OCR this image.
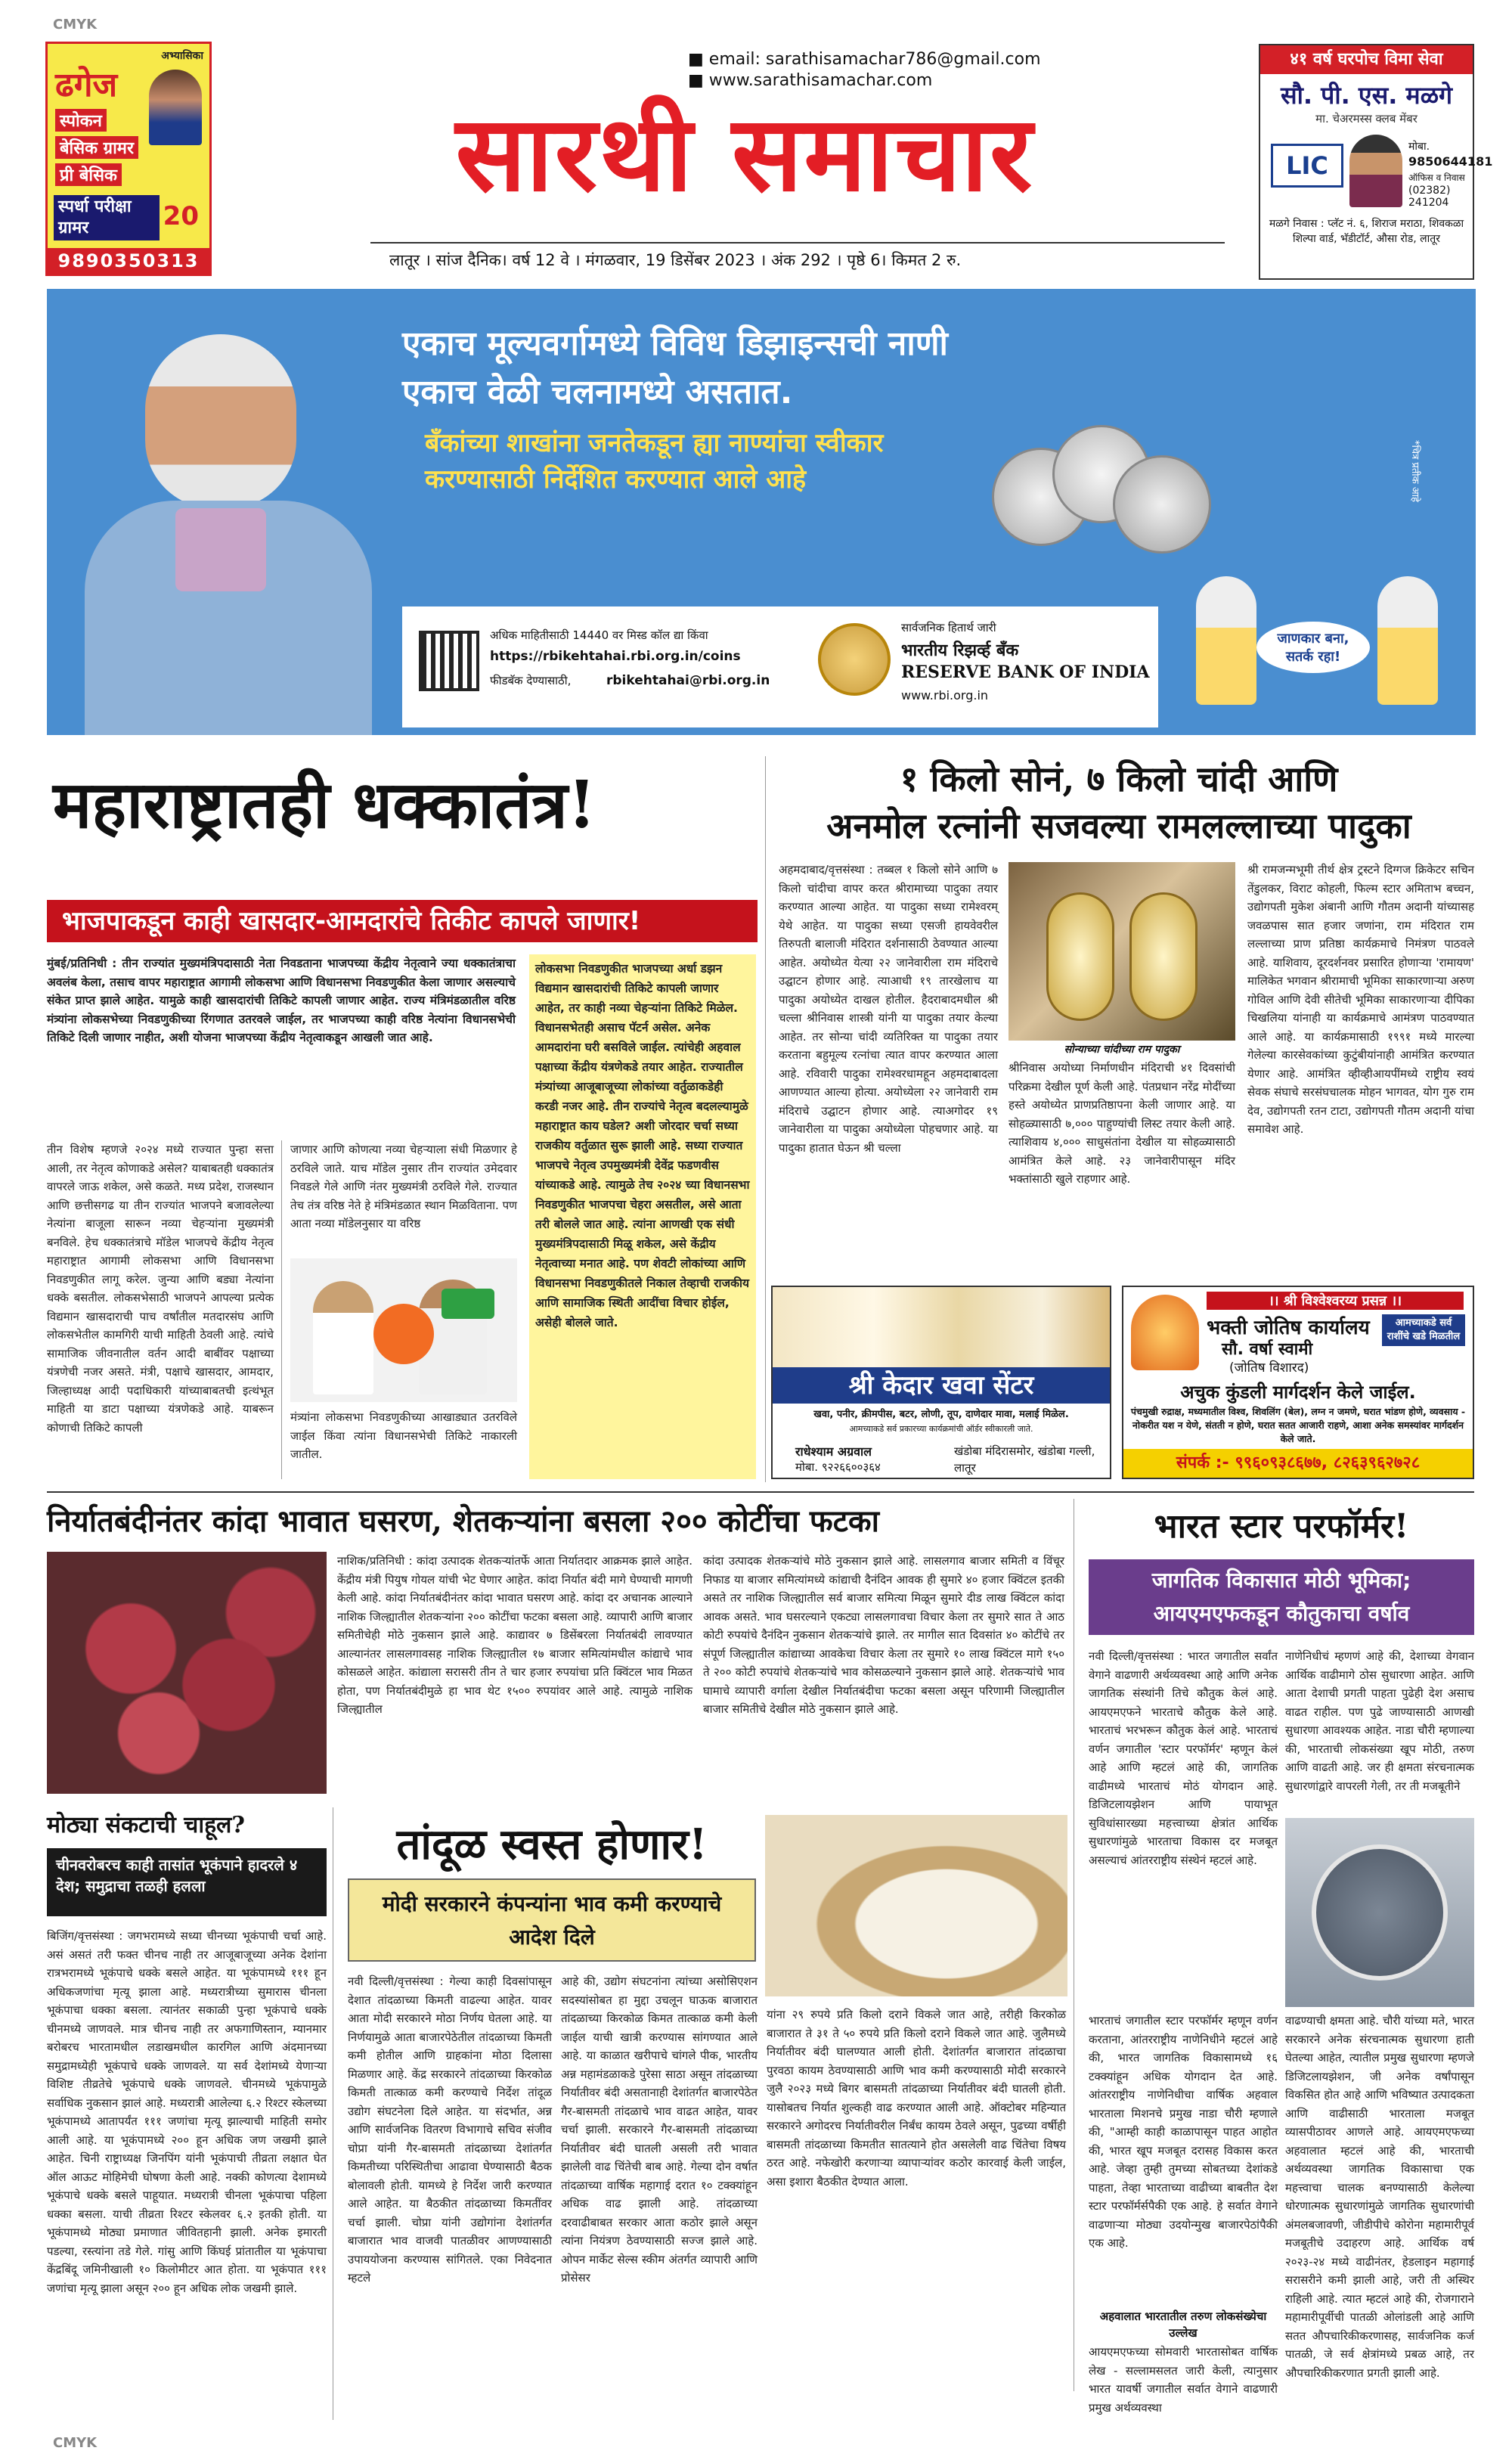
CMYK
CMYK
अभ्यासिका
ढगेज
स्पोकन
बेसिक ग्रामर
प्री बेसिक
स्पर्धा परीक्षा ग्रामर	20
9890350313
■ email: sarathisamachar786@gmail.com
■ www.sarathisamachar.com
सारथी समाचार
लातूर । सांज दैनिक। वर्ष 12 वे । मंगळवार, 19 डिसेंबर 2023 । अंक 292 । पृष्ठे 6। किमत 2 रु.
४१ वर्ष घरपोच विमा सेवा
सौ. पी. एस. मळगे
मा. चेअरमस्स क्लब मेंबर
LIC
मोबा.
9850644181
ऑफिस व निवास
(02382) 241204
मळगे निवास : प्लॅट नं. ६, शिराज मराठा, शिवकळा शिल्पा वार्ड, भॅडीटॉर्ट, औसा रोड, लातूर
एकाच मूल्यवर्गामध्ये विविध डिझाइन्सची नाणी
एकाच वेळी चलनामध्ये असतात.
बँकांच्या शाखांना जनतेकडून ह्या नाण्यांचा स्वीकार करण्यासाठी निर्देशित करण्यात आले आहे
अधिक माहितीसाठी 14440 वर मिस्ड कॉल द्या किंवा
https://rbikehtahai.rbi.org.in/coins
फीडबॅक देण्यासाठी,	rbikehtahai@rbi.org.in
सार्वजनिक हितार्थ जारी
भारतीय रिझर्व्ह बँक
RESERVE BANK OF INDIA
www.rbi.org.in
जाणकार बना, सतर्क रहा!
*चित्र प्रतीक आहे
महाराष्ट्रातही धक्कातंत्र!
भाजपाकडून काही खासदार-आमदारांचे तिकीट कापले जाणार!
मुंबई/प्रतिनिधी : तीन राज्यांत मुख्यमंत्रिपदासाठी नेता निवडताना भाजपच्या केंद्रीय नेतृत्वाने ज्या धक्कातंत्राचा अवलंब केला, तसाच वापर महाराष्ट्रात आगामी लोकसभा आणि विधानसभा निवडणुकीत केला जाणार असल्याचे संकेत प्राप्त झाले आहेत. यामुळे काही खासदारांची तिकिटे कापली जाणार आहेत. राज्य मंत्रिमंडळातील वरिष्ठ मंत्र्यांना लोकसभेच्या निवडणुकीच्या रिंगणात उतरवले जाईल, तर भाजपच्या काही वरिष्ठ नेत्यांना विधानसभेची तिकिटे दिली जाणार नाहीत, अशी योजना भाजपच्या केंद्रीय नेतृत्वाकडून आखली जात आहे.
तीन विशेष म्हणजे २०२४ मध्ये राज्यात पुन्हा सत्ता आली, तर नेतृत्व कोणाकडे असेल? याबाबतही धक्कातंत्र वापरले जाऊ शकेल, असे कळते. मध्य प्रदेश, राजस्थान आणि छत्तीसगढ या तीन राज्यांत भाजपने बजावलेल्या नेत्यांना बाजूला सारून नव्या चेहऱ्यांना मुख्यमंत्री बनविले. हेच धक्कातंत्राचे मॉडेल भाजपचे केंद्रीय नेतृत्व महाराष्ट्रात आगामी लोकसभा आणि विधानसभा निवडणुकीत लागू करेल. जुन्या आणि बड्या नेत्यांना धक्के बसतील. लोकसभेसाठी भाजपने आपल्या प्रत्येक विद्यमान खासदाराची पाच वर्षांतील मतदारसंघ आणि लोकसभेतील कामगिरी याची माहिती ठेवली आहे. त्यांचे सामाजिक जीवनातील वर्तन आदी बाबींवर पक्षाच्या यंत्रणेची नजर असते. मंत्री, पक्षाचे खासदार, आमदार, जिल्हाध्यक्ष आदी पदाधिकारी यांच्याबाबतची इत्थंभूत माहिती या डाटा पक्षाच्या यंत्रणेकडे आहे. याबरून कोणाची तिकिटे कापली
जाणार आणि कोणत्या नव्या चेहऱ्याला संधी मिळणार हे ठरविले जाते. याच मॉडेल नुसार तीन राज्यांत उमेदवार निवडले गेले आणि नंतर मुख्यमंत्री ठरविले गेले. राज्यात तेच तंत्र वरिष्ठ नेते हे मंत्रिमंडळात स्थान मिळविताना. पण आता नव्या मॉडेलनुसार या वरिष्ठ
मंत्र्यांना लोकसभा निवडणुकीच्या आखाड्यात उतरविले जाईल किंवा त्यांना विधानसभेची तिकिटे नाकारली जातील.
लोकसभा निवडणुकीत भाजपच्या अर्धा डझन विद्यमान खासदारांची तिकिटे कापली जाणार आहेत, तर काही नव्या चेहऱ्यांना तिकिटे मिळेल. विधानसभेतही असाच पॅटर्न असेल. अनेक आमदारांना घरी बसविले जाईल. त्यांचेही अहवाल पक्षाच्या केंद्रीय यंत्रणेकडे तयार आहेत. राज्यातील मंत्र्यांच्या आजूबाजूच्या लोकांच्या वर्तुळाकडेही करडी नजर आहे. तीन राज्यांचे नेतृत्व बदलल्यामुळे महाराष्ट्रात काय घडेल? अशी जोरदार चर्चा सध्या राजकीय वर्तुळात सुरू झाली आहे. सध्या राज्यात भाजपचे नेतृत्व उपमुख्यमंत्री देवेंद्र फडणवीस यांच्याकडे आहे. त्यामुळे तेच २०२४ च्या विधानसभा निवडणुकीत भाजपचा चेहरा असतील, असे आता तरी बोलले जात आहे. त्यांना आणखी एक संधी मुख्यमंत्रिपदासाठी मिळू शकेल, असे केंद्रीय नेतृत्वाच्या मनात आहे. पण शेवटी लोकांच्या आणि विधानसभा निवडणुकीतले निकाल तेव्हाची राजकीय आणि सामाजिक स्थिती आदींचा विचार होईल, असेही बोलले जाते.
१ किलो सोनं, ७ किलो चांदी आणि
अनमोल रत्नांनी सजवल्या रामलल्लाच्या पादुका
अहमदाबाद/वृत्तसंस्था : तब्बल १ किलो सोने आणि ७ किलो चांदीचा वापर करत श्रीरामाच्या पादुका तयार करण्यात आल्या आहेत. या पादुका सध्या रामेश्वरम् येथे आहेत. या पादुका सध्या एसजी हायवेवरील तिरुपती बालाजी मंदिरात दर्शनासाठी ठेवण्यात आल्या आहेत. अयोध्येत येत्या २२ जानेवारीला राम मंदिराचे उद्घाटन होणार आहे. त्याआधी १९ तारखेलाच या पादुका अयोध्येत दाखल होतील. हैदराबादमधील श्री चल्ला श्रीनिवास शास्त्री यांनी या पादुका तयार केल्या आहेत. तर सोन्या चांदी व्यतिरिक्त या पादुका तयार करताना बहुमूल्य रत्नांचा त्यात वापर करण्यात आला आहे. रविवारी पादुका रामेश्वरधामहून अहमदाबादला आणण्यात आल्या होत्या. अयोध्येला २२ जानेवारी राम मंदिराचे उद्घाटन होणार आहे. त्याअगोदर १९ जानेवारीला या पादुका अयोध्येला पोहचणार आहे. या पादुका हातात घेऊन श्री चल्ला
सोन्याच्या चांदीच्या राम पादुका
श्रीनिवास अयोध्या निर्माणधीन मंदिराची ४१ दिवसांची परिक्रमा देखील पूर्ण केली आहे. पंतप्रधान नरेंद्र मोदींच्या हस्ते अयोध्येत प्राणप्रतिष्ठापना केली जाणार आहे. या सोहळ्यासाठी ७,००० पाहुण्यांची लिस्ट तयार केली आहे. त्याशिवाय ४,००० साधुसंतांना देखील या सोहळ्यासाठी आमंत्रित केले आहे. २३ जानेवारीपासून मंदिर भक्तांसाठी खुले राहणार आहे.
श्री रामजन्मभूमी तीर्थ क्षेत्र ट्रस्टने दिग्गज क्रिकेटर सचिन तेंडुलकर, विराट कोहली, फिल्म स्टार अमिताभ बच्चन, उद्योगपती मुकेश अंबानी आणि गौतम अदानी यांच्यासह जवळपास सात हजार जणांना, राम मंदिरात राम लल्लाच्या प्राण प्रतिष्ठा कार्यक्रमाचे निमंत्रण पाठवले आहे. याशिवाय, दूरदर्शनवर प्रसारित होणाऱ्या 'रामायण' मालिकेत भगवान श्रीरामाची भूमिका साकारणाऱ्या अरुण गोविल आणि देवी सीतेची भूमिका साकारणाऱ्या दीपिका चिखलिया यांनाही या कार्यक्रमाचे आमंत्रण पाठवण्यात आले आहे. या कार्यक्रमासाठी १९९१ मध्ये मारल्या गेलेल्या कारसेवकांच्या कुटुंबीयांनाही आमंत्रित करण्यात येणार आहे. आमंत्रित व्हीव्हीआयपींमध्ये राष्ट्रीय स्वयं सेवक संघाचे सरसंघचालक मोहन भागवत, योग गुरु राम देव, उद्योगपती रतन टाटा, उद्योगपती गौतम अदानी यांचा समावेश आहे.
श्री केदार खवा सेंटर
खवा, पनीर, क्रीमपीस, बटर, लोणी, तूप, दाणेदार मावा, मलाई मिळेल.
आमच्याकडे सर्व प्रकारच्या कार्यक्रमांची ऑर्डर स्वीकारली जाते.
राधेश्याम अग्रवाल
मोबा. ९२२६६००३६४
खंडोबा मंदिरासमोर, खंडोबा गल्ली, लातूर
।। श्री विश्वेश्वरय्य प्रसन्न ।।
भक्ती जोतिष कार्यालय
सौ. वर्षा स्वामी
(जोतिष विशारद)
आमच्याकडे सर्व राशींचे खडे मिळतील
अचुक कुंडली मार्गदर्शन केले जाईल.
पंचमुखी रुद्राक्ष, मध्यमातील विश्व, शिवलिंग (बेल), लग्न न जमणे, घरात भांडण होणे, व्यवसाय - नोकरीत यश न येणे, संतती न होणे, घरात सतत आजारी राहणे, आशा अनेक समस्यांवर मार्गदर्शन केले जाते.
संपर्क :- ९९६०९३८६७७, ८२६३९६२७२८
निर्यातबंदीनंतर कांदा भावात घसरण, शेतकऱ्यांना बसला २०० कोटींचा फटका
नाशिक/प्रतिनिधी : कांदा उत्पादक शेतकऱ्यांतर्फे आता निर्यातदार आक्रमक झाले आहेत. केंद्रीय मंत्री पियुष गोयल यांची भेट घेणार आहेत. कांदा निर्यात बंदी मागे घेण्याची मागणी केली आहे. कांदा निर्यातबंदीनंतर कांदा भावात घसरण आहे. कांदा दर अचानक आल्याने नाशिक जिल्ह्यातील शेतकऱ्यांना २०० कोटींचा फटका बसला आहे. व्यापारी आणि बाजार समितीचेही मोठे नुकसान झाले आहे. काद्यावर ७ डिसेंबरला निर्यातबंदी लावण्यात आल्यानंतर लासलगावसह नाशिक जिल्ह्यातील १७ बाजार समित्यांमधील कांद्याचे भाव कोसळले आहेत. कांद्याला सरासरी तीन ते चार हजार रुपयांचा प्रति क्विंटल भाव मिळत होता, पण निर्यातबंदीमुळे हा भाव थेट १५०० रुपयांवर आले आहे. त्यामुळे नाशिक जिल्ह्यातील
कांदा उत्पादक शेतकऱ्यांचे मोठे नुकसान झाले आहे. लासलगाव बाजार समिती व विंचूर निफाड या बाजार समित्यांमध्ये कांद्याची दैनंदिन आवक ही सुमारे ४० हजार क्विंटल इतकी असते तर नाशिक जिल्ह्यातील सर्व बाजार समित्या मिळून सुमारे दीड लाख क्विंटल कांदा आवक असते. भाव घसरल्याने एकट्या लासलगावचा विचार केला तर सुमारे सात ते आठ कोटी रुपयांचे दैनंदिन नुकसान शेतकऱ्यांचे झाले. तर मागील सात दिवसांत ४० कोटींचे तर संपूर्ण जिल्ह्यातील कांद्याच्या आवकेचा विचार केला तर सुमारे १० लाख क्विंटल मागे १५० ते २०० कोटी रुपयांचे शेतकऱ्यांचे भाव कोसळल्याने नुकसान झाले आहे. शेतकऱ्यांचे भाव घामाचे व्यापारी वर्गाला देखील निर्यातबंदीचा फटका बसला असून परिणामी जिल्ह्यातील बाजार समितीचे देखील मोठे नुकसान झाले आहे.
भारत स्टार परफॉर्मर!
जागतिक विकासात मोठी भूमिका; आयएमएफकडून कौतुकाचा वर्षाव
नवी दिल्ली/वृत्तसंस्था : भारत जगातील सर्वांत वेगाने वाढणारी अर्थव्यवस्था आहे आणि अनेक जागतिक संस्थांनी तिचे कौतुक केलं आहे. आयएमएफने भारताचे कौतुक केले आहे. भारताचं भरभरून कौतुक केलं आहे. भारताचं वर्णन जगातील 'स्टार परफॉर्मर' म्हणून केलं आहे आणि म्हटलं आहे की, जागतिक वाढीमध्ये भारताचं मोठं योगदान आहे. डिजिटलायझेशन आणि पायाभूत सुविधांसारख्या महत्त्वाच्या क्षेत्रांत आर्थिक सुधारणांमुळे भारताचा विकास दर मजबूत असल्याचं आंतरराष्ट्रीय संस्थेनं म्हटलं आहे.
नाणेनिधीचं म्हणणं आहे की, देशाच्या वेगवान आर्थिक वाढीमागे ठोस सुधारणा आहेत. आणि आता देशाची प्रगती पाहता पुढेही देश असाच वाढत राहील. पण पुढे जाण्यासाठी आणखी सुधारणा आवश्यक आहेत. नाडा चौरी म्हणाल्या की, भारताची लोकसंख्या खूप मोठी, तरुण आणि वाढती आहे. जर ही क्षमता संरचनात्मक सुधारणांद्वारे वापरली गेली, तर ती मजबूतीने
भारताचं जगातील स्टार परफॉर्मर म्हणून वर्णन करताना, आंतरराष्ट्रीय नाणेनिधीने म्हटलं आहे की, भारत जागतिक विकासामध्ये १६ टक्क्यांहून अधिक योगदान देत आहे. आंतरराष्ट्रीय नाणेनिधीचा वार्षिक अहवाल भारताला मिशनचे प्रमुख नाडा चौरी म्हणाले की, "आम्ही काही काळापासून पाहत आहोत की, भारत खूप मजबूत दरासह विकास करत आहे. जेव्हा तुम्ही तुमच्या सोबतच्या देशांकडे पाहता, तेव्हा भारताच्या वाढीच्या बाबतीत देश स्टार परफॉर्मर्सपैकी एक आहे. हे सर्वात वेगाने वाढणाऱ्या मोठ्या उदयोन्मुख बाजारपेठांपैकी एक आहे.
अहवालात भारतातील तरुण लोकसंख्येचा उल्लेख
आयएमएफच्या सोमवारी भारतासोबत वार्षिक लेख - सल्लामसलत जारी केली, त्यानुसार भारत यावर्षी जगातील सर्वात वेगाने वाढणारी प्रमुख अर्थव्यवस्था
वाढण्याची क्षमता आहे. चौरी यांच्या मते, भारत सरकारने अनेक संरचनात्मक सुधारणा हाती घेतल्या आहेत, त्यातील प्रमुख सुधारणा म्हणजे डिजिटलायझेशन, जी अनेक वर्षांपासून विकसित होत आहे आणि भविष्यात उत्पादकता आणि वाढीसाठी भारताला मजबूत व्यासपीठावर आणले आहे. आयएमएफच्या अहवालात म्हटलं आहे की, भारताची अर्थव्यवस्था जागतिक विकासाचा एक महत्त्वाचा चालक बनण्यासाठी केलेल्या धोरणात्मक सुधारणांमुळे जागतिक सुधारणांची अंमलबजावणी, जीडीपीचे कोरोना महामारीपूर्व मजबूतीचे उदाहरण आहे. आर्थिक वर्ष २०२३-२४ मध्ये वाढीनंतर, हेडलाइन महागाई सरासरीने कमी झाली आहे, जरी ती अस्थिर राहिली आहे. त्यात म्हटलं आहे की, रोजगाराने महामारीपूर्वीची पातळी ओलांडली आहे आणि सतत औपचारिकीकरणासह, सार्वजनिक कर्ज पातळी, जे सर्व क्षेत्रांमध्ये प्रबळ आहे, तर औपचारिकीकरणात प्रगती झाली आहे.
मोठ्या संकटाची चाहूल?
चीनवरोबरच काही तासांत भूकंपाने हादरले ४ देश; समुद्राचा तळही हलला
बिजिंग/वृत्तसंस्था : जगभरामध्ये सध्या चीनच्या भूकंपाची चर्चा आहे. असं असतं तरी फक्त चीनच नाही तर आजूबाजूच्या अनेक देशांना रात्रभरामध्ये भूकंपाचे धक्के बसले आहेत. या भूकंपामध्ये १११ हून अधिकजणांचा मृत्यू झाला आहे. मध्यरात्रीच्या सुमारास चीनला भूकंपाचा धक्का बसला. त्यानंतर सकाळी पुन्हा भूकंपाचे धक्के चीनमध्ये जाणवले. मात्र चीनच नाही तर अफगाणिस्तान, म्यानमार बरोबरच भारतामधील लडाखमधील कारगिल आणि अंदमानच्या समुद्रामध्येही भूकंपाचे धक्के जाणवले. या सर्व देशांमध्ये येणाऱ्या विशिष्ट तीव्रतेचे भूकंपाचे धक्के जाणवले. चीनमध्ये भूकंपामुळे सर्वाधिक नुकसान झालं आहे. मध्यरात्री आलेल्या ६.२ रिश्टर स्केलच्या भूकंपामध्ये आतापर्यंत १११ जणांचा मृत्यू झाल्याची माहिती समोर आली आहे. या भूकंपामध्ये २०० हून अधिक जण जखमी झाले आहेत. चिनी राष्ट्राध्यक्ष जिनपिंग यांनी भूकंपाची तीव्रता लक्षात घेत ऑल आऊट मोहिमेची घोषणा केली आहे. नक्की कोणत्या देशामध्ये भूकंपाचे धक्के बसले पाहूयात. मध्यरात्री चीनला भूकंपाचा पहिला धक्का बसला. याची तीव्रता रिश्टर स्केलवर ६.२ इतकी होती. या भूकंपामध्ये मोठ्या प्रमाणात जीवितहानी झाली. अनेक इमारती पडल्या, रस्त्यांना तडे गेले. गांसु आणि किंघई प्रांतातील या भूकंपाचा केंद्रबिंदू जमिनीखाली १० किलोमीटर आत होता. या भूकंपात १११ जणांचा मृत्यू झाला असून २०० हून अधिक लोक जखमी झाले.
तांदूळ स्वस्त होणार!
मोदी सरकारने कंपन्यांना भाव कमी करण्याचे आदेश दिले
नवी दिल्ली/वृत्तसंस्था : गेल्या काही दिवसांपासून देशात तांदळाच्या किमती वाढल्या आहेत. यावर आता मोदी सरकारने मोठा निर्णय घेतला आहे. या निर्णयामुळे आता बाजारपेठेतील तांदळाच्या किमती कमी होतील आणि ग्राहकांना मोठा दिलासा मिळणार आहे. केंद्र सरकारने तांदळाच्या किरकोळ किमती तात्काळ कमी करण्याचे निर्देश तांदूळ उद्योग संघटनेला दिले आहेत. या संदर्भात, अन्न आणि सार्वजनिक वितरण विभागाचे सचिव संजीव चोप्रा यांनी गैर-बासमती तांदळाच्या देशांतर्गत किमतीच्या परिस्थितीचा आढावा घेण्यासाठी बैठक बोलावली होती. यामध्ये हे निर्देश जारी करण्यात आले आहेत. या बैठकीत तांदळाच्या किमतींवर चर्चा झाली. चोप्रा यांनी उद्योगांना देशांतर्गत बाजारात भाव वाजवी पातळीवर आणण्यासाठी उपाययोजना करण्यास सांगितले. एका निवेदनात म्हटले
आहे की, उद्योग संघटनांना त्यांच्या असोसिएशन सदस्यांसोबत हा मुद्दा उचलून घाऊक बाजारात तांदळाच्या किरकोळ किमत तात्काळ कमी केली जाईल याची खात्री करण्यास सांगण्यात आले आहे. या काळात खरीपाचे चांगले पीक, भारतीय अन्न महामंडळाकडे पुरेसा साठा असून तांदळाच्या निर्यातीवर बंदी असतानाही देशांतर्गत बाजारपेठेत गैर-बासमती तांदळाचे भाव वाढत आहेत, यावर चर्चा झाली. सरकारने गैर-बासमती तांदळाच्या निर्यातीवर बंदी घातली असली तरी भावात झालेली वाढ चिंतेची बाब आहे. गेल्या दोन वर्षात तांदळाच्या वार्षिक महागाई दरात १० टक्क्यांहून अधिक वाढ झाली आहे. तांदळाच्या दरवाढीबाबत सरकार आता कठोर झाले असून त्यांना नियंत्रण ठेवण्यासाठी सज्ज झाले आहे. ओपन मार्केट सेल्स स्कीम अंतर्गत व्यापारी आणि प्रोसेसर
यांना २९ रुपये प्रति किलो दराने विकले जात आहे, तरीही किरकोळ बाजारात ते ३१ ते ५० रुपये प्रति किलो दराने विकले जात आहे. जुलैमध्ये निर्यातीवर बंदी घालण्यात आली होती. देशांतर्गत बाजारात तांदळाचा पुरवठा कायम ठेवण्यासाठी आणि भाव कमी करण्यासाठी मोदी सरकारने जुलै २०२३ मध्ये बिगर बासमती तांदळाच्या निर्यातीवर बंदी घातली होती. यासोबतच निर्यात शुल्कही वाढ करण्यात आली आहे. ऑक्टोबर महिन्यात सरकारने अगोदरच निर्यातीवरील निर्बंध कायम ठेवले असून, पुढच्या वर्षीही बासमती तांदळाच्या किमतीत सातत्याने होत असलेली वाढ चिंतेचा विषय ठरत आहे. नफेखोरी करणाऱ्या व्यापाऱ्यांवर कठोर कारवाई केली जाईल, असा इशारा बैठकीत देण्यात आला.
